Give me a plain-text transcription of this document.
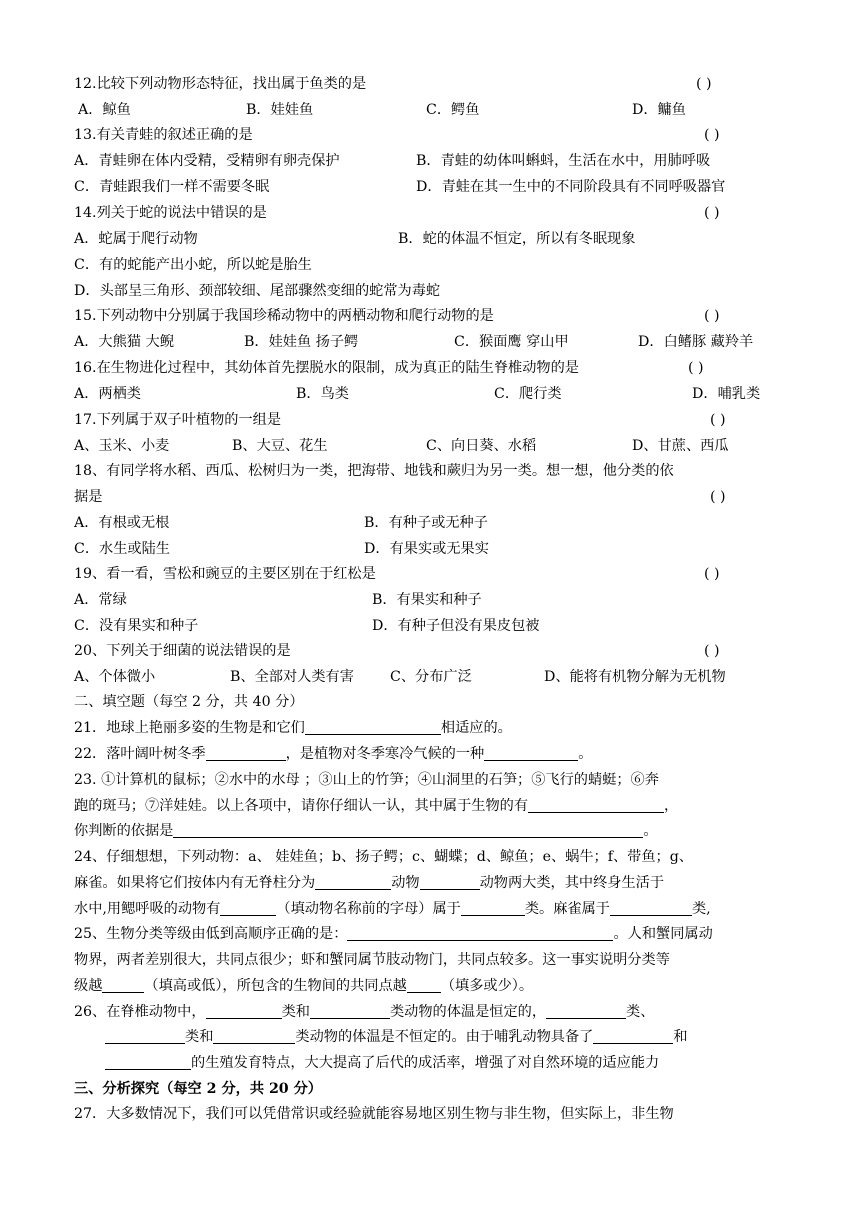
12.比较下列动物形态特征，找出属于鱼类的是	( )
A．鲸鱼	B．娃娃鱼	C．鳄鱼	D．鳙鱼
13.有关青蛙的叙述正确的是	( )
A．青蛙卵在体内受精，受精卵有卵壳保护	B．青蛙的幼体叫蝌蚪，生活在水中，用肺呼吸
C．青蛙跟我们一样不需要冬眠	D．青蛙在其一生中的不同阶段具有不同呼吸器官
14.列关于蛇的说法中错误的是	( )
A．蛇属于爬行动物	B．蛇的体温不恒定，所以有冬眠现象
C．有的蛇能产出小蛇，所以蛇是胎生
D．头部呈三角形、颈部较细、尾部骤然变细的蛇常为毒蛇
15.下列动物中分别属于我国珍稀动物中的两栖动物和爬行动物的是	( )
A．大熊猫 大鲵	B．娃娃鱼 扬子鳄	C．猴面鹰 穿山甲	D．白鳍豚 藏羚羊
16.在生物进化过程中，其幼体首先摆脱水的限制，成为真正的陆生脊椎动物的是	( )
A．两栖类	B．鸟类	C．爬行类	D．哺乳类
17.下列属于双子叶植物的一组是	( )
A、玉米、小麦	B、大豆、花生	C、向日葵、水稻	D、甘蔗、西瓜
18、有同学将水稻、西瓜、松树归为一类，把海带、地钱和蕨归为另一类。想一想，他分类的依
据是	( )
A．有根或无根	B．有种子或无种子
C．水生或陆生	D．有果实或无果实
19、看一看，雪松和豌豆的主要区别在于红松是	( )
A．常绿	B．有果实和种子
C．没有果实和种子	D．有种子但没有果皮包被
20、下列关于细菌的说法错误的是	( )
A、个体微小	B、全部对人类有害	C、分布广泛	D、能将有机物分解为无机物
二、填空题（每空 2 分，共 40 分）
21．地球上艳丽多姿的生物是和它们	相适应的。
22．落叶阔叶树冬季	，是植物对冬季寒冷气候的一种	。
23. ①计算机的鼠标；②水中的水母 ；③山上的竹笋；④山洞里的石笋；⑤飞行的蜻蜓；⑥奔
跑的斑马；⑦洋娃娃。以上各项中，请你仔细认一认，其中属于生物的有	，
你判断的依据是	。
24、仔细想想，下列动物：a、 娃娃鱼；b、扬子鳄；c、蝴蝶；d、鲸鱼；e、蜗牛；f、带鱼；g、
麻雀。如果将它们按体内有无脊柱分为	动物	动物两大类，其中终身生活于
水中,用鳃呼吸的动物有	（填动物名称前的字母）属于	类。麻雀属于	类,
25、生物分类等级由低到高顺序正确的是：	。人和蟹同属动
物界，两者差别很大，共同点很少；虾和蟹同属节肢动物门，共同点较多。这一事实说明分类等
级越	（填高或低），所包含的生物间的共同点越 （填多或少）。
26、在脊椎动物中，	类和	类动物的体温是恒定的，	类、
类和	类动物的体温是不恒定的。由于哺乳动物具备了	和
的生殖发育特点，大大提高了后代的成活率，增强了对自然环境的适应能力
三、分析探究（每空 2 分，共 20 分）
27．大多数情况下，我们可以凭借常识或经验就能容易地区别生物与非生物，但实际上，非生物
